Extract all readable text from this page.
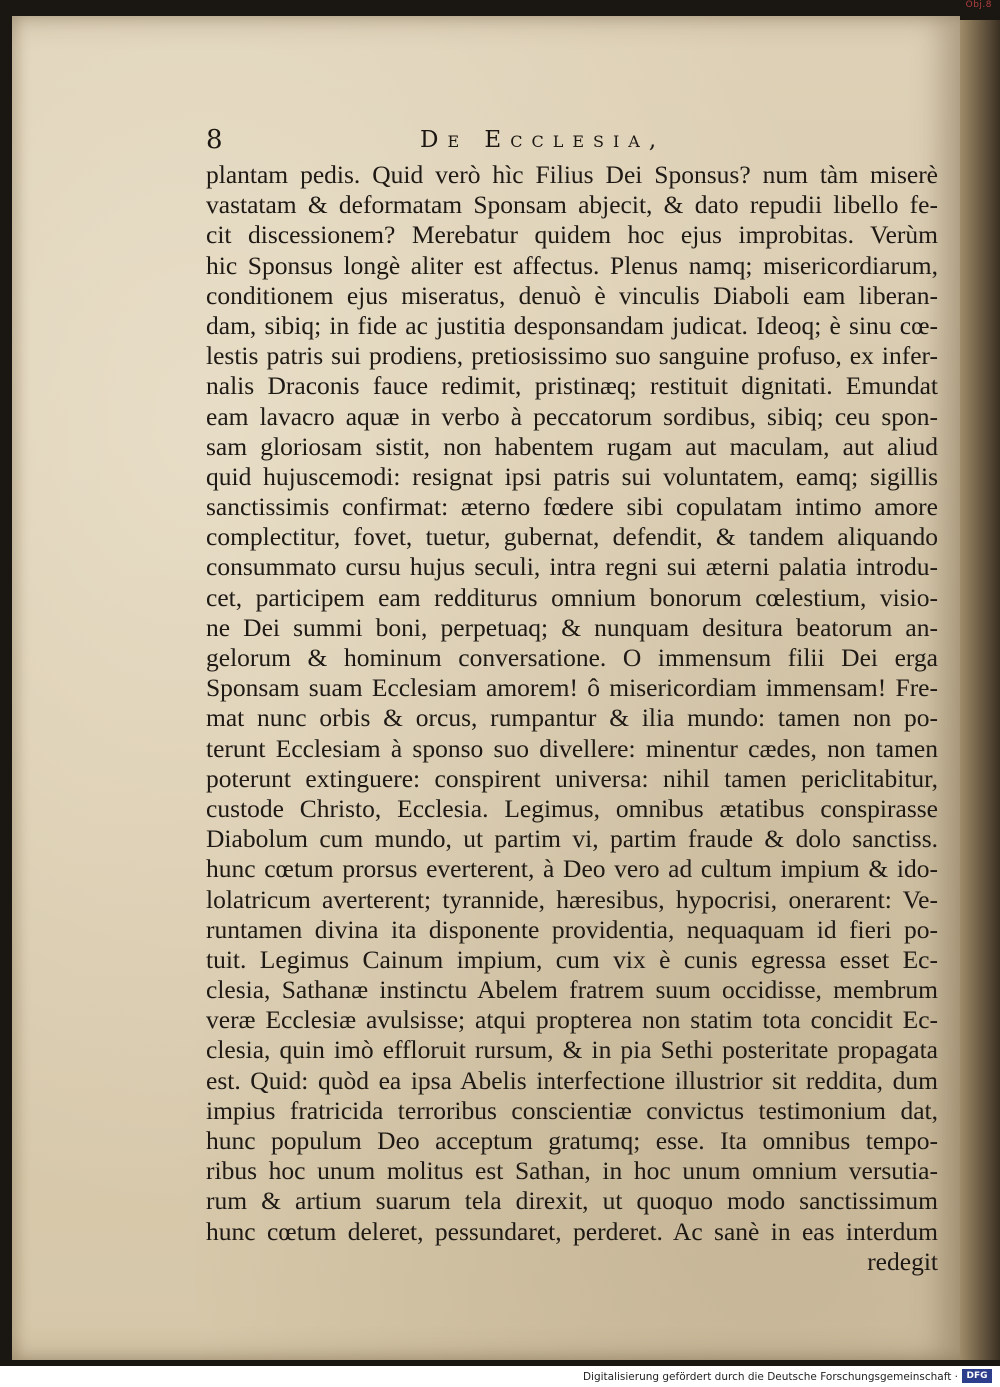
Obj.8
8	De Ecclesia,
plantam pedis. Quid verò hìc Filius Dei Sponsus? num tàm miserè
vastatam & deformatam Sponsam abjecit, & dato repudii libello fe-
cit discessionem? Merebatur quidem hoc ejus improbitas. Verùm
hic Sponsus longè aliter est affectus. Plenus namq; misericordiarum,
conditionem ejus miseratus, denuò è vinculis Diaboli eam liberan-
dam, sibiq; in fide ac justitia desponsandam judicat. Ideoq; è sinu cœ-
lestis patris sui prodiens, pretiosissimo suo sanguine profuso, ex infer-
nalis Draconis fauce redimit, pristinæq; restituit dignitati. Emundat
eam lavacro aquæ in verbo à peccatorum sordibus, sibiq; ceu spon-
sam gloriosam sistit, non habentem rugam aut maculam, aut aliud
quid hujuscemodi: resignat ipsi patris sui voluntatem, eamq; sigillis
sanctissimis confirmat: æterno fœdere sibi copulatam intimo amore
complectitur, fovet, tuetur, gubernat, defendit, & tandem aliquando
consummato cursu hujus seculi, intra regni sui æterni palatia introdu-
cet, participem eam redditurus omnium bonorum cœlestium, visio-
ne Dei summi boni, perpetuaq; & nunquam desitura beatorum an-
gelorum & hominum conversatione. O immensum filii Dei erga
Sponsam suam Ecclesiam amorem! ô misericordiam immensam! Fre-
mat nunc orbis & orcus, rumpantur & ilia mundo: tamen non po-
terunt Ecclesiam à sponso suo divellere: minentur cædes, non tamen
poterunt extinguere: conspirent universa: nihil tamen periclitabitur,
custode Christo, Ecclesia. Legimus, omnibus ætatibus conspirasse
Diabolum cum mundo, ut partim vi, partim fraude & dolo sanctiss.
hunc cœtum prorsus everterent, à Deo vero ad cultum impium & ido-
lolatricum averterent; tyrannide, hæresibus, hypocrisi, onerarent: Ve-
runtamen divina ita disponente providentia, nequaquam id fieri po-
tuit. Legimus Cainum impium, cum vix è cunis egressa esset Ec-
clesia, Sathanæ instinctu Abelem fratrem suum occidisse, membrum
veræ Ecclesiæ avulsisse; atqui propterea non statim tota concidit Ec-
clesia, quin imò effloruit rursum, & in pia Sethi posteritate propagata
est. Quid: quòd ea ipsa Abelis interfectione illustrior sit reddita, dum
impius fratricida terroribus conscientiæ convictus testimonium dat,
hunc populum Deo acceptum gratumq; esse. Ita omnibus tempo-
ribus hoc unum molitus est Sathan, in hoc unum omnium versutia-
rum & artium suarum tela direxit, ut quoquo modo sanctissimum
hunc cœtum deleret, pessundaret, perderet. Ac sanè in eas interdum
redegit
Digitalisierung gefördert durch die Deutsche Forschungsgemeinschaft · DFG
